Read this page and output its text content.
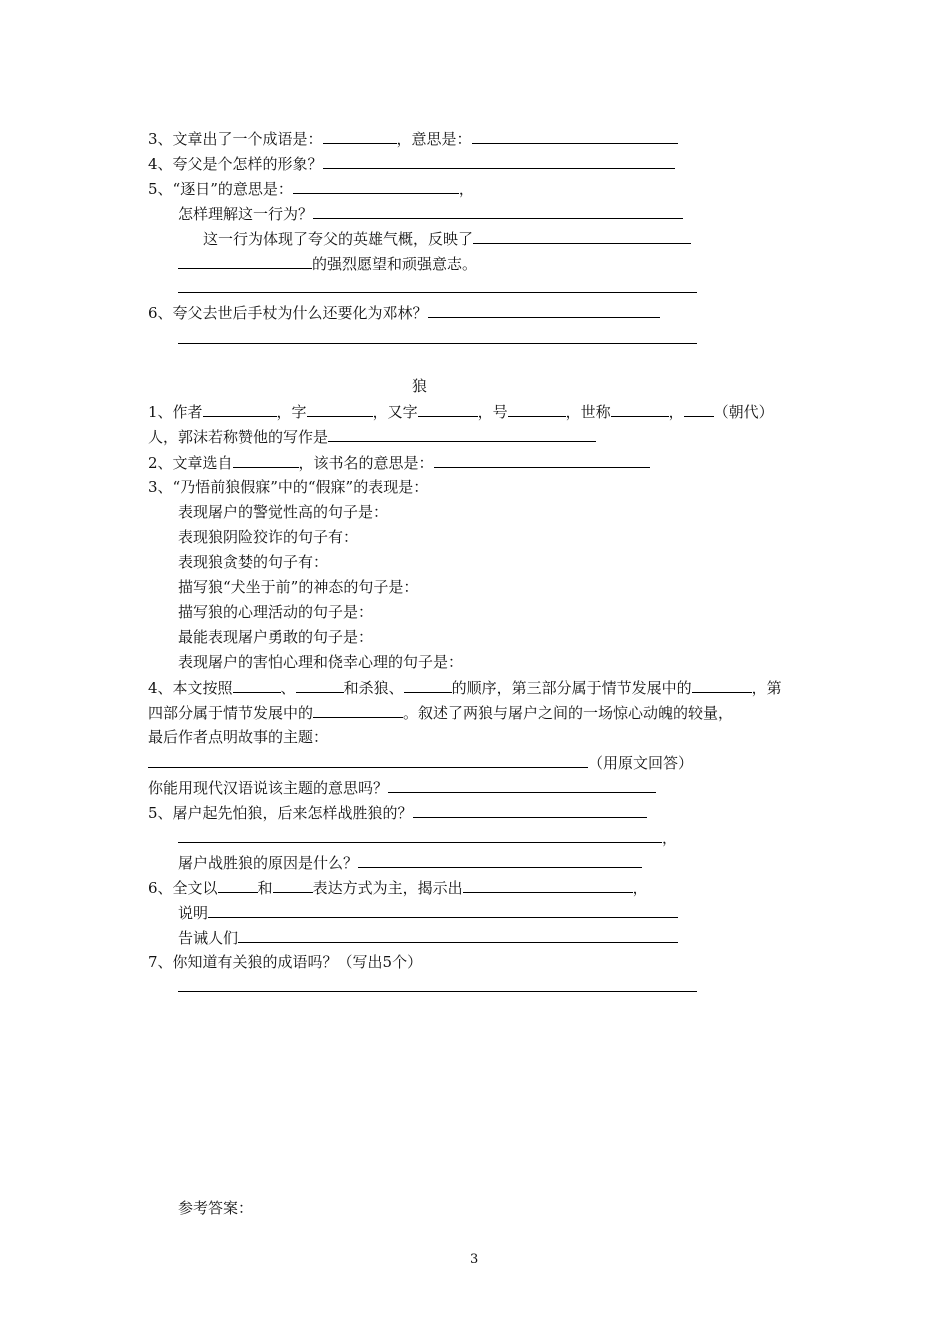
3、文章出了一个成语是：	，意思是：
4、夸父是个怎样的形象？
5、“逐日”的意思是：	，
怎样理解这一行为？
这一行为体现了夸父的英雄气概，反映了
的强烈愿望和顽强意志。
6、夸父去世后手杖为什么还要化为邓林？
狼
1、作者	，字	，又字	，号	，世称	， （朝代）
人，郭沫若称赞他的写作是
2、文章选自	，该书名的意思是：
3、“乃悟前狼假寐”中的“假寐”的表现是：
表现屠户的警觉性高的句子是：
表现狼阴险狡诈的句子有：
表现狼贪婪的句子有：
描写狼“犬坐于前”的神态的句子是：
描写狼的心理活动的句子是：
最能表现屠户勇敢的句子是：
表现屠户的害怕心理和侥幸心理的句子是：
4、本文按照	、	和杀狼、	的顺序，第三部分属于情节发展中的	，第
四部分属于情节发展中的	。叙述了两狼与屠户之间的一场惊心动魄的较量，
最后作者点明故事的主题：
（用原文回答）
你能用现代汉语说该主题的意思吗？
5、屠户起先怕狼，后来怎样战胜狼的？
，
屠户战胜狼的原因是什么？
6、全文以	和	表达方式为主，揭示出	，
说明
告诫人们
7、你知道有关狼的成语吗？（写出5个）
参考答案：
3
